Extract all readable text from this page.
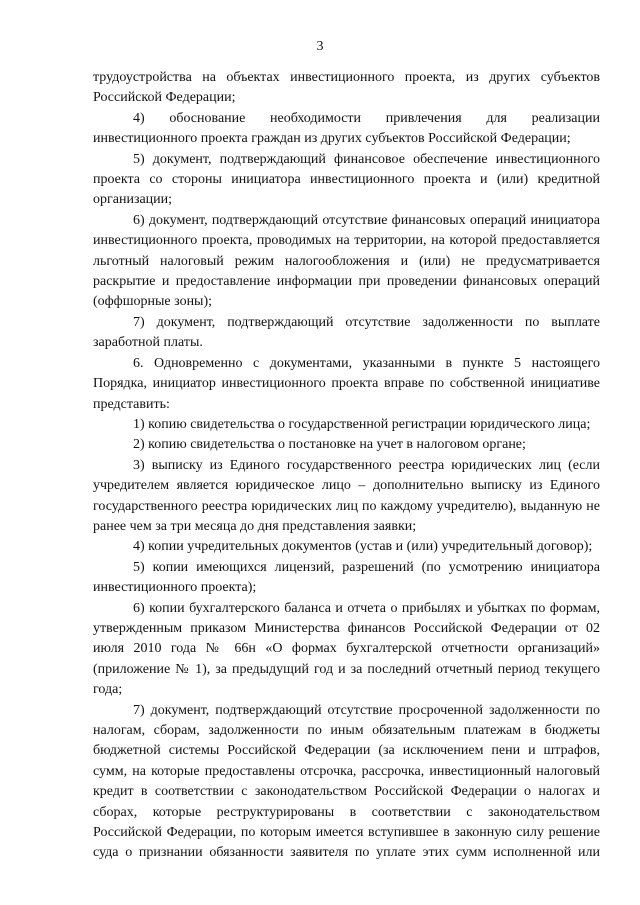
3

трудоустройства на объектах инвестиционного проекта, из других субъектов Российской Федерации;

4) обоснование необходимости привлечения для реализации инвестиционного проекта граждан из других субъектов Российской Федерации;

5) документ, подтверждающий финансовое обеспечение инвестиционного проекта со стороны инициатора инвестиционного проекта и (или) кредитной организации;

6) документ, подтверждающий отсутствие финансовых операций инициатора инвестиционного проекта, проводимых на территории, на которой предоставляется льготный налоговый режим налогообложения и (или) не предусматривается раскрытие и предоставление информации при проведении финансовых операций (оффшорные зоны);

7) документ, подтверждающий отсутствие задолженности по выплате заработной платы.

6. Одновременно с документами, указанными в пункте 5 настоящего Порядка, инициатор инвестиционного проекта вправе по собственной инициативе представить:

1) копию свидетельства о государственной регистрации юридического лица;

2) копию свидетельства о постановке на учет в налоговом органе;

3) выписку из Единого государственного реестра юридических лиц (если учредителем является юридическое лицо – дополнительно выписку из Единого государственного реестра юридических лиц по каждому учредителю), выданную не ранее чем за три месяца до дня представления заявки;

4) копии учредительных документов (устав и (или) учредительный договор);

5) копии имеющихся лицензий, разрешений (по усмотрению инициатора инвестиционного проекта);

6) копии бухгалтерского баланса и отчета о прибылях и убытках по формам, утвержденным приказом Министерства финансов Российской Федерации от 02 июля 2010 года № 66н «О формах бухгалтерской отчетности организаций» (приложение № 1), за предыдущий год и за последний отчетный период текущего года;

7) документ, подтверждающий отсутствие просроченной задолженности по налогам, сборам, задолженности по иным обязательным платежам в бюджеты бюджетной системы Российской Федерации (за исключением пени и штрафов, сумм, на которые предоставлены отсрочка, рассрочка, инвестиционный налоговый кредит в соответствии с законодательством Российской Федерации о налогах и сборах, которые реструктурированы в соответствии с законодательством Российской Федерации, по которым имеется вступившее в законную силу решение суда о признании обязанности заявителя по уплате этих сумм исполненной или
